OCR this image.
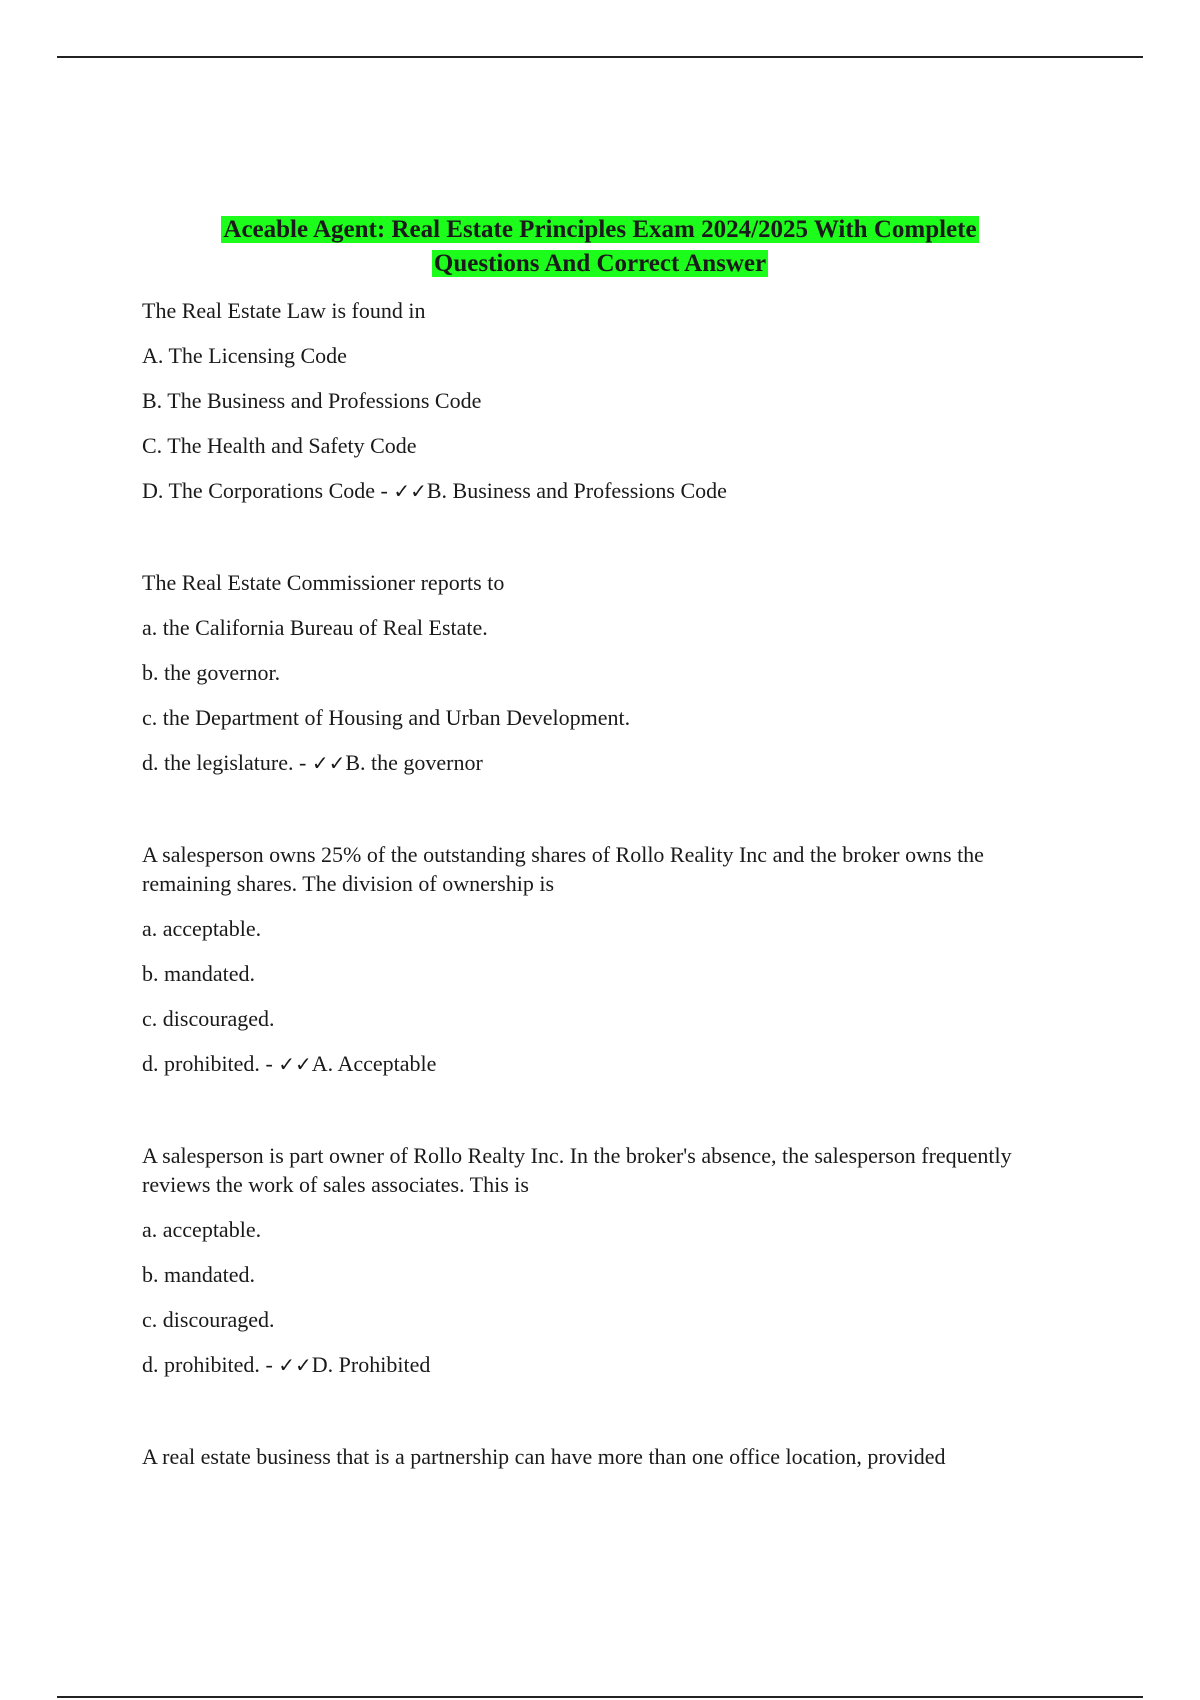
Aceable Agent: Real Estate Principles Exam 2024/2025 With Complete
Questions And Correct Answer
The Real Estate Law is found in
A. The Licensing Code
B. The Business and Professions Code
C. The Health and Safety Code
D. The Corporations Code - ✓✓B. Business and Professions Code
The Real Estate Commissioner reports to
a. the California Bureau of Real Estate.
b. the governor.
c. the Department of Housing and Urban Development.
d. the legislature. - ✓✓B. the governor
A salesperson owns 25% of the outstanding shares of Rollo Reality Inc and the broker owns the remaining shares. The division of ownership is
a. acceptable.
b. mandated.
c. discouraged.
d. prohibited. - ✓✓A. Acceptable
A salesperson is part owner of Rollo Realty Inc. In the broker's absence, the salesperson frequently reviews the work of sales associates. This is
a. acceptable.
b. mandated.
c. discouraged.
d. prohibited. - ✓✓D. Prohibited
A real estate business that is a partnership can have more than one office location, provided
